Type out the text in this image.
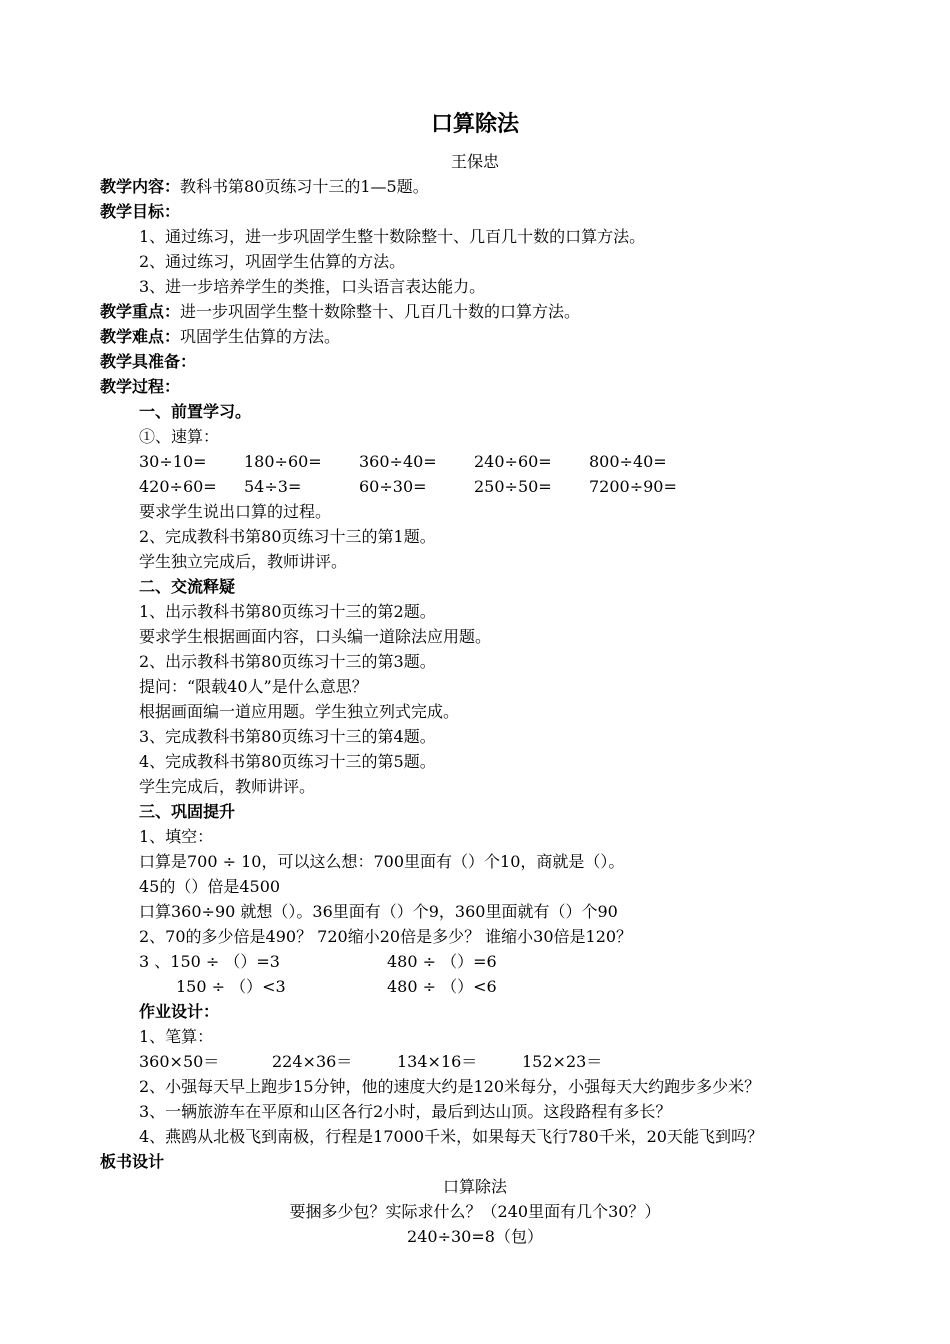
口算除法
王保忠
教学内容：教科书第80页练习十三的1—5题。
教学目标：
1、通过练习，进一步巩固学生整十数除整十、几百几十数的口算方法。
2、通过练习，巩固学生估算的方法。
3、进一步培养学生的类推，口头语言表达能力。
教学重点：进一步巩固学生整十数除整十、几百几十数的口算方法。
教学难点：巩固学生估算的方法。
教学具准备：
教学过程：
一、前置学习。
①、速算：
30÷10= 180÷60= 360÷40= 240÷60= 800÷40=
420÷60= 54÷3=	60÷30=	250÷50= 7200÷90=
要求学生说出口算的过程。
2、完成教科书第80页练习十三的第1题。
学生独立完成后，教师讲评。
二、交流释疑
1、出示教科书第80页练习十三的第2题。
要求学生根据画面内容，口头编一道除法应用题。
2、出示教科书第80页练习十三的第3题。
提问：“限载40人”是什么意思？
根据画面编一道应用题。学生独立列式完成。
3、完成教科书第80页练习十三的第4题。
4、完成教科书第80页练习十三的第5题。
学生完成后，教师讲评。
三、巩固提升
1、填空：
口算是700 ÷ 10，可以这么想：700里面有（）个10，商就是（）。
45的（）倍是4500
口算360÷90 就想（）。36里面有（）个9，360里面就有（）个90
2、70的多少倍是490？ 720缩小20倍是多少？ 谁缩小30倍是120？
3 、150 ÷ （）=3	480 ÷ （）=6
150 ÷ （）<3	480 ÷ （）<6
作业设计：
1、笔算：
360×50＝	224×36＝	134×16＝	152×23＝
2、小强每天早上跑步15分钟，他的速度大约是120米每分，小强每天大约跑步多少米？
3、一辆旅游车在平原和山区各行2小时，最后到达山顶。这段路程有多长？
4、燕鸥从北极飞到南极，行程是17000千米，如果每天飞行780千米，20天能飞到吗？
板书设计
口算除法
要捆多少包？实际求什么？（240里面有几个30？）
240÷30=8（包）
